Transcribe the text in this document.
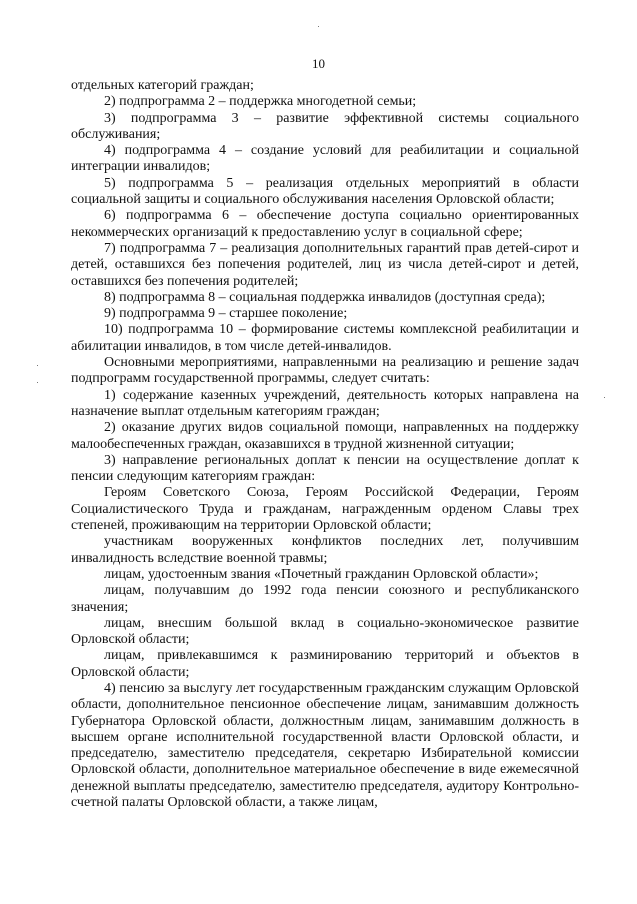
10

отдельных категорий граждан;

2) подпрограмма 2 – поддержка многодетной семьи;

3) подпрограмма 3 – развитие эффективной системы социального обслуживания;

4) подпрограмма 4 – создание условий для реабилитации и социальной интеграции инвалидов;

5) подпрограмма 5 – реализация отдельных мероприятий в области социальной защиты и социального обслуживания населения Орловской области;

6) подпрограмма 6 – обеспечение доступа социально ориентированных некоммерческих организаций к предоставлению услуг в социальной сфере;

7) подпрограмма 7 – реализация дополнительных гарантий прав детей-сирот и детей, оставшихся без попечения родителей, лиц из числа детей-сирот и детей, оставшихся без попечения родителей;

8) подпрограмма 8 – социальная поддержка инвалидов (доступная среда);

9) подпрограмма 9 – старшее поколение;

10) подпрограмма 10 – формирование системы комплексной реабилитации и абилитации инвалидов, в том числе детей-инвалидов.

Основными мероприятиями, направленными на реализацию и решение задач подпрограмм государственной программы, следует считать:

1) содержание казенных учреждений, деятельность которых направлена на назначение выплат отдельным категориям граждан;

2) оказание других видов социальной помощи, направленных на поддержку малообеспеченных граждан, оказавшихся в трудной жизненной ситуации;

3) направление региональных доплат к пенсии на осуществление доплат к пенсии следующим категориям граждан:

Героям Советского Союза, Героям Российской Федерации, Героям Социалистического Труда и гражданам, награжденным орденом Славы трех степеней, проживающим на территории Орловской области;

участникам вооруженных конфликтов последних лет, получившим инвалидность вследствие военной травмы;

лицам, удостоенным звания «Почетный гражданин Орловской области»;

лицам, получавшим до 1992 года пенсии союзного и республиканского значения;

лицам, внесшим большой вклад в социально-экономическое развитие Орловской области;

лицам, привлекавшимся к разминированию территорий и объектов в Орловской области;

4) пенсию за выслугу лет государственным гражданским служащим Орловской области, дополнительное пенсионное обеспечение лицам, занимавшим должность Губернатора Орловской области, должностным лицам, занимавшим должность в высшем органе исполнительной государственной власти Орловской области, и председателю, заместителю председателя, секретарю Избирательной комиссии Орловской области, дополнительное материальное обеспечение в виде ежемесячной денежной выплаты председателю, заместителю председателя, аудитору Контрольно-счетной палаты Орловской области, а также лицам,
